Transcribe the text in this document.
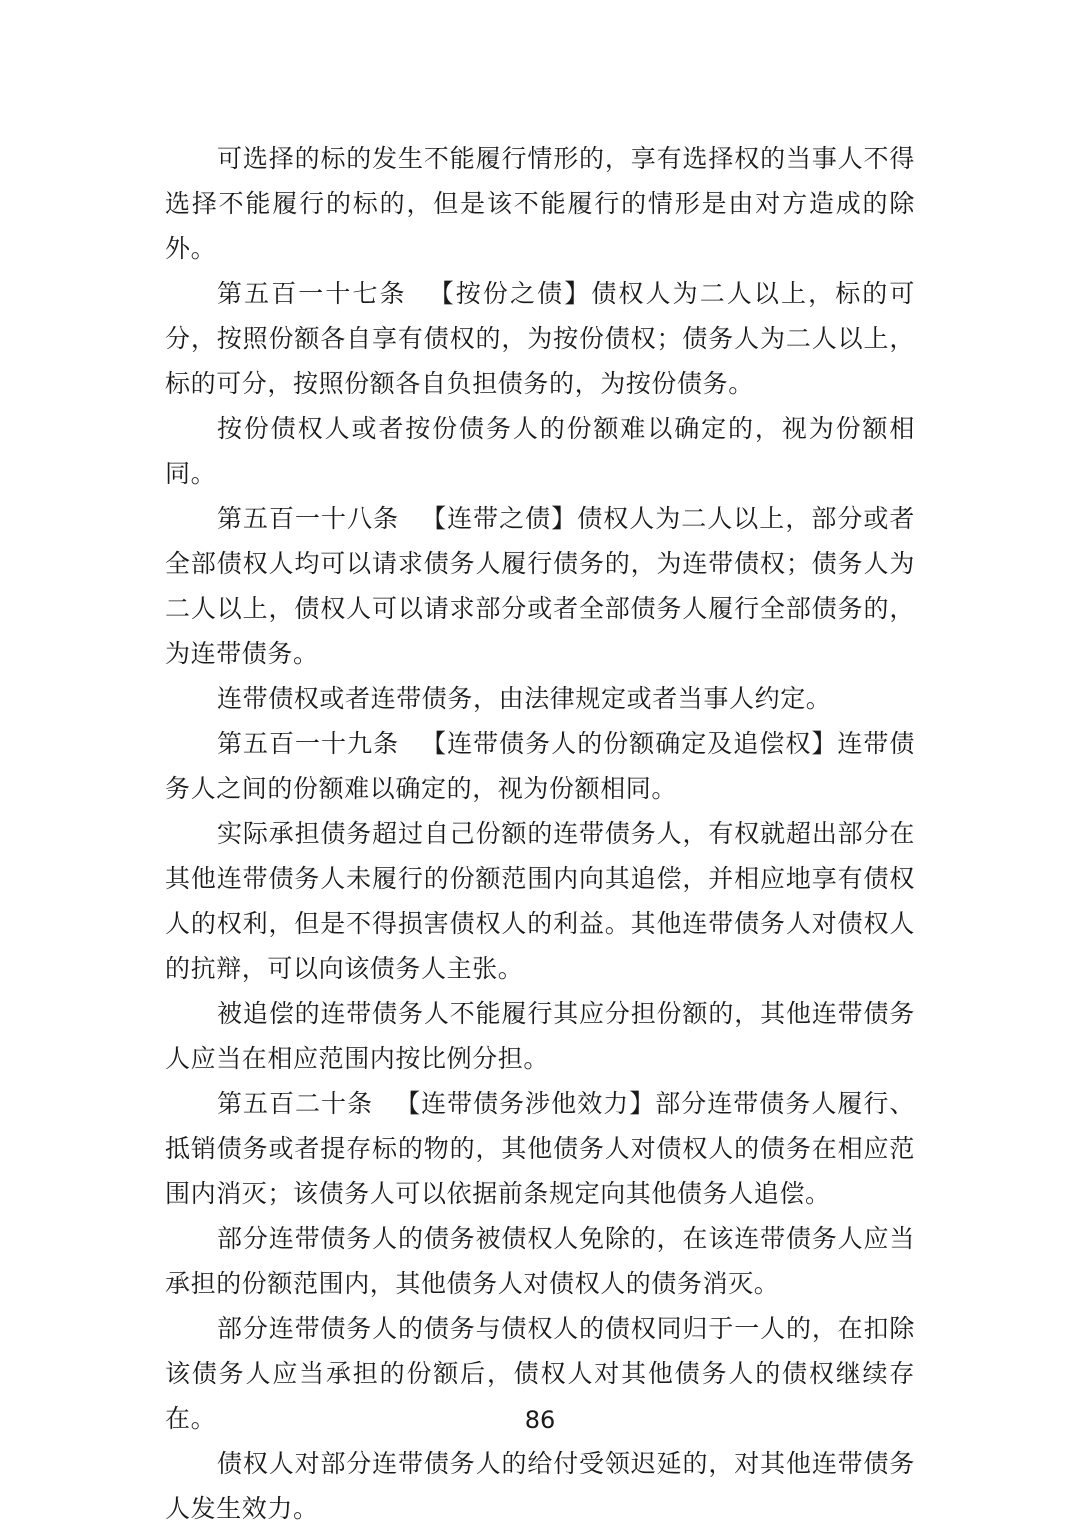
可选择的标的发生不能履行情形的，享有选择权的当事人不得选择不能履行的标的，但是该不能履行的情形是由对方造成的除外。

第五百一十七条 【按份之债】债权人为二人以上，标的可分，按照份额各自享有债权的，为按份债权；债务人为二人以上，标的可分，按照份额各自负担债务的，为按份债务。

按份债权人或者按份债务人的份额难以确定的，视为份额相同。

第五百一十八条 【连带之债】债权人为二人以上，部分或者全部债权人均可以请求债务人履行债务的，为连带债权；债务人为二人以上，债权人可以请求部分或者全部债务人履行全部债务的，为连带债务。

连带债权或者连带债务，由法律规定或者当事人约定。

第五百一十九条 【连带债务人的份额确定及追偿权】连带债务人之间的份额难以确定的，视为份额相同。

实际承担债务超过自己份额的连带债务人，有权就超出部分在其他连带债务人未履行的份额范围内向其追偿，并相应地享有债权人的权利，但是不得损害债权人的利益。其他连带债务人对债权人的抗辩，可以向该债务人主张。

被追偿的连带债务人不能履行其应分担份额的，其他连带债务人应当在相应范围内按比例分担。

第五百二十条 【连带债务涉他效力】部分连带债务人履行、抵销债务或者提存标的物的，其他债务人对债权人的债务在相应范围内消灭；该债务人可以依据前条规定向其他债务人追偿。

部分连带债务人的债务被债权人免除的，在该连带债务人应当承担的份额范围内，其他债务人对债权人的债务消灭。

部分连带债务人的债务与债权人的债权同归于一人的，在扣除该债务人应当承担的份额后，债权人对其他债务人的债权继续存在。

债权人对部分连带债务人的给付受领迟延的，对其他连带债务人发生效力。

86
